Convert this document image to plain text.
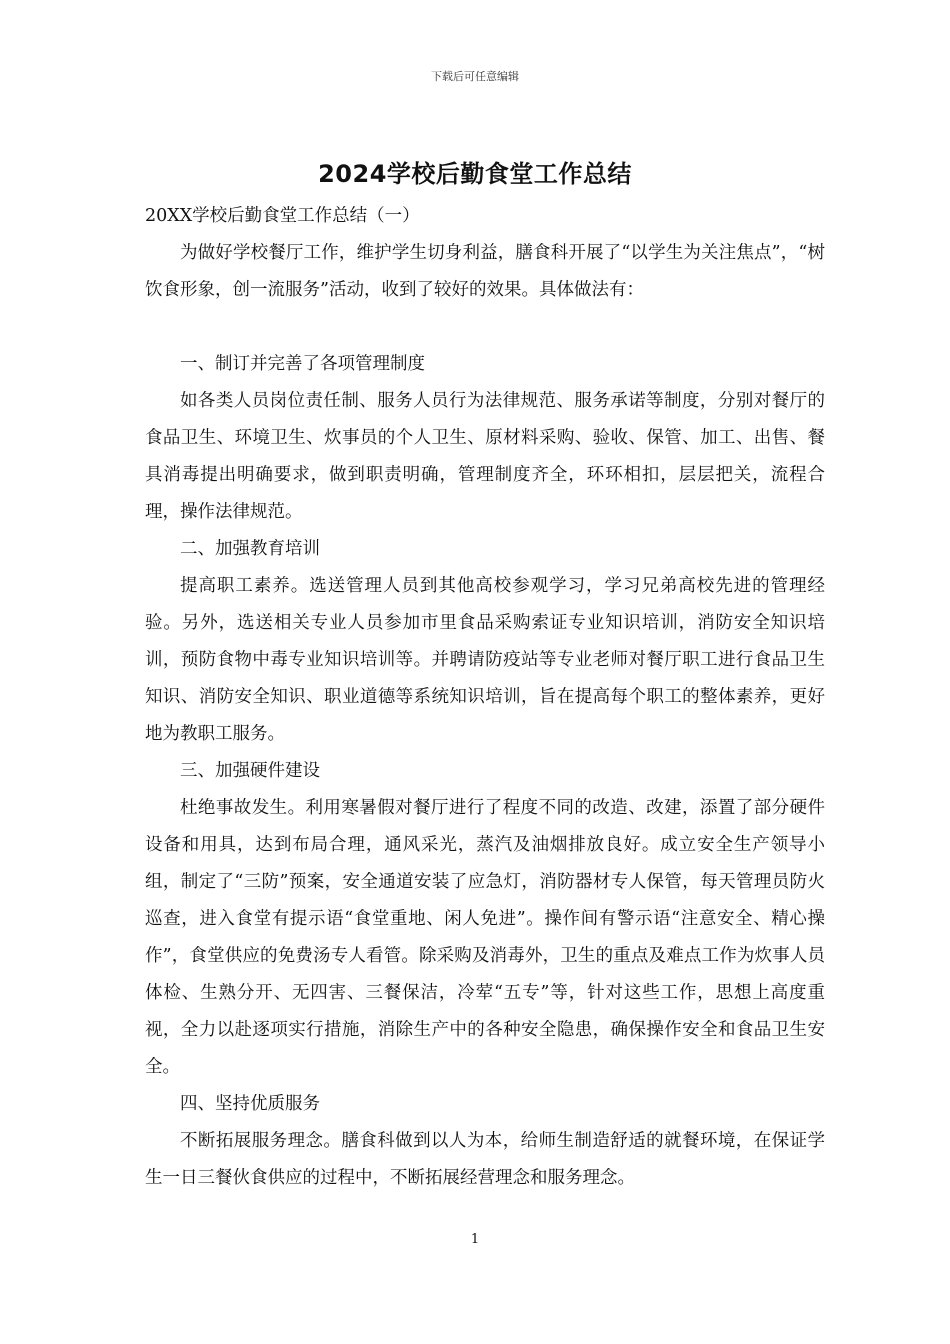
下载后可任意编辑
2024学校后勤食堂工作总结

20XX学校后勤食堂工作总结（一）

为做好学校餐厅工作，维护学生切身利益，膳食科开展了“以学生为关注焦点”，“树饮食形象，创一流服务”活动，收到了较好的效果。具体做法有：

一、制订并完善了各项管理制度

如各类人员岗位责任制、服务人员行为法律规范、服务承诺等制度，分别对餐厅的食品卫生、环境卫生、炊事员的个人卫生、原材料采购、验收、保管、加工、出售、餐具消毒提出明确要求，做到职责明确，管理制度齐全，环环相扣，层层把关，流程合理，操作法律规范。

二、加强教育培训

提高职工素养。选送管理人员到其他高校参观学习，学习兄弟高校先进的管理经验。另外，选送相关专业人员参加市里食品采购索证专业知识培训，消防安全知识培训，预防食物中毒专业知识培训等。并聘请防疫站等专业老师对餐厅职工进行食品卫生知识、消防安全知识、职业道德等系统知识培训，旨在提高每个职工的整体素养，更好地为教职工服务。

三、加强硬件建设

杜绝事故发生。利用寒暑假对餐厅进行了程度不同的改造、改建，添置了部分硬件设备和用具，达到布局合理，通风采光，蒸汽及油烟排放良好。成立安全生产领导小组，制定了“三防”预案，安全通道安装了应急灯，消防器材专人保管，每天管理员防火巡查，进入食堂有提示语“食堂重地、闲人免进”。操作间有警示语“注意安全、精心操作”，食堂供应的免费汤专人看管。除采购及消毒外，卫生的重点及难点工作为炊事人员体检、生熟分开、无四害、三餐保洁，冷荤“五专”等，针对这些工作，思想上高度重视，全力以赴逐项实行措施，消除生产中的各种安全隐患，确保操作安全和食品卫生安全。

四、坚持优质服务

不断拓展服务理念。膳食科做到以人为本，给师生制造舒适的就餐环境，在保证学生一日三餐伙食供应的过程中，不断拓展经营理念和服务理念。

1
